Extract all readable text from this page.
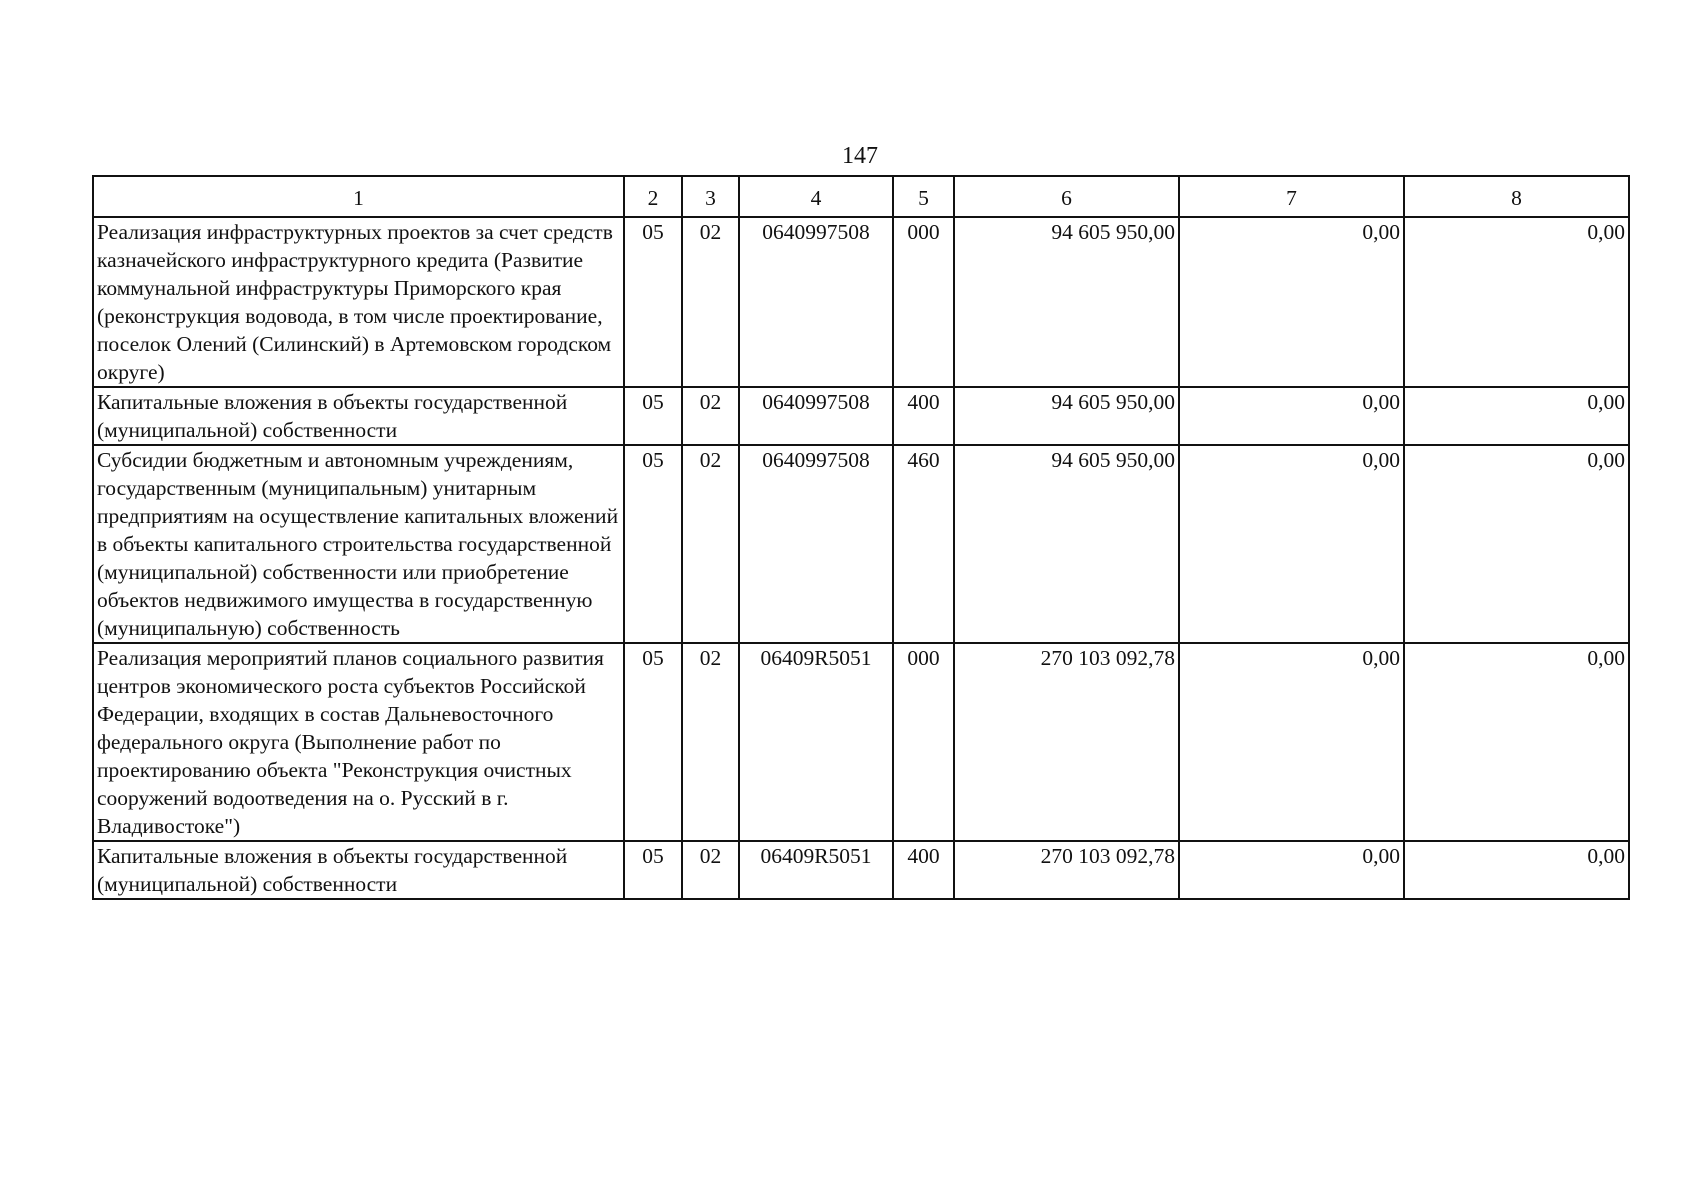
147
1	2	3	4	5	6	7	8
Реализация инфраструктурных проектов за счет средств казначейского инфраструктурного кредита (Развитие коммунальной инфраструктуры Приморского края (реконструкция водовода, в том числе проектирование, поселок Олений (Силинский) в Артемовском городском округе)	05	02	0640997508	000	94 605 950,00	0,00	0,00
Капитальные вложения в объекты государственной (муниципальной) собственности	05	02	0640997508	400	94 605 950,00	0,00	0,00
Субсидии бюджетным и автономным учреждениям, государственным (муниципальным) унитарным предприятиям на осуществление капитальных вложений в объекты капитального строительства государственной (муниципальной) собственности или приобретение объектов недвижимого имущества в государственную (муниципальную) собственность	05	02	0640997508	460	94 605 950,00	0,00	0,00
Реализация мероприятий планов социального развития центров экономического роста субъектов Российской Федерации, входящих в состав Дальневосточного федерального округа (Выполнение работ по проектированию объекта "Реконструкция очистных сооружений водоотведения на о. Русский в г. Владивостоке")	05	02	06409R5051	000	270 103 092,78	0,00	0,00
Капитальные вложения в объекты государственной (муниципальной) собственности	05	02	06409R5051	400	270 103 092,78	0,00	0,00
